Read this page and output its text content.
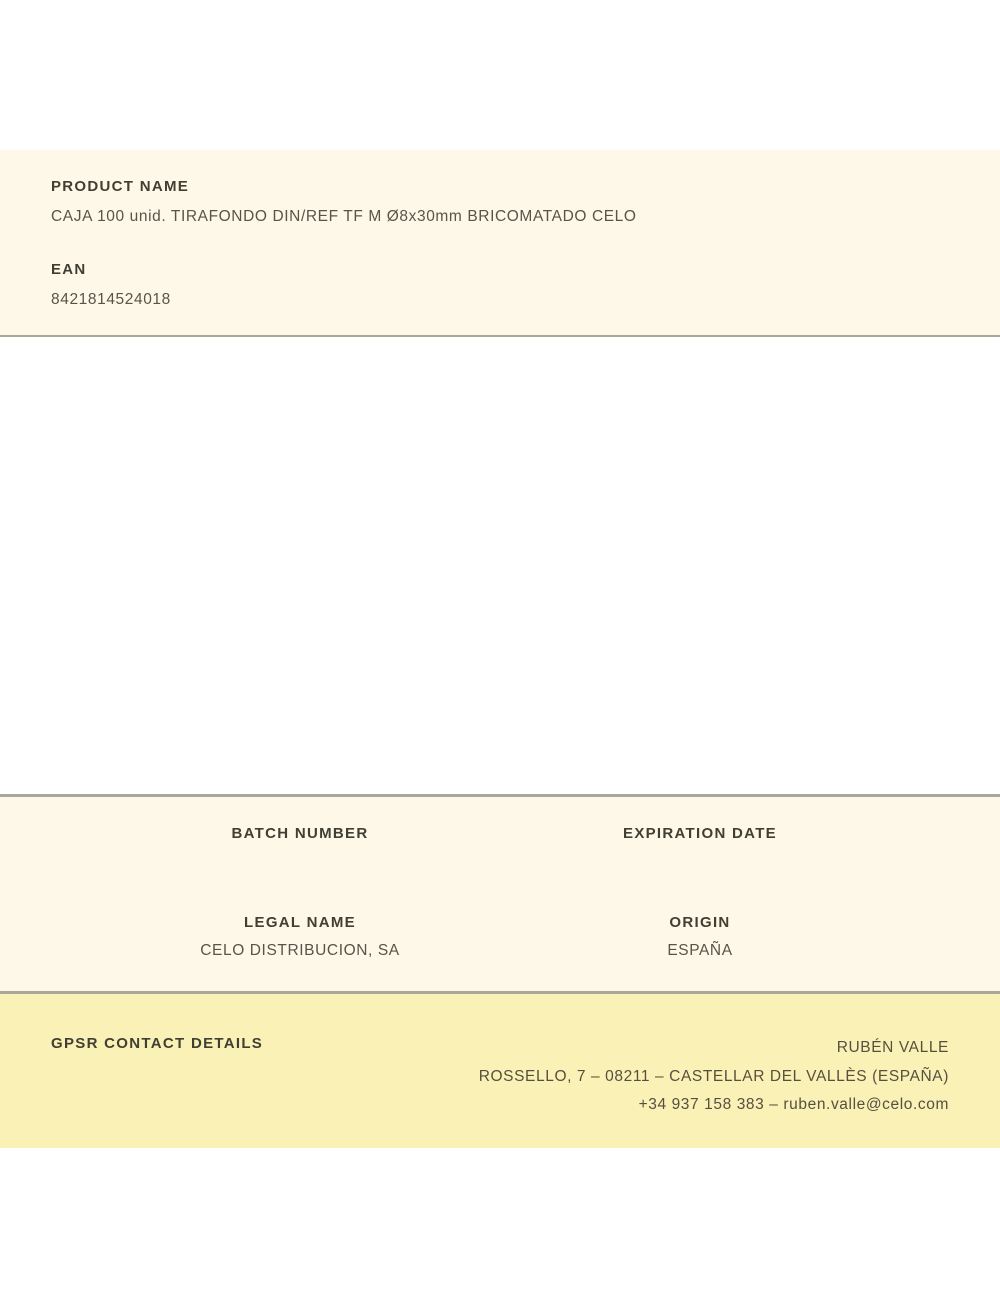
PRODUCT NAME
CAJA 100 unid. TIRAFONDO DIN/REF TF M Ø8x30mm BRICOMATADO CELO
EAN
8421814524018
BATCH NUMBER	EXPIRATION DATE
LEGAL NAME
CELO DISTRIBUCION, SA
ORIGIN
ESPAÑA
GPSR CONTACT DETAILS	RUBÉN VALLE
ROSSELLO, 7 – 08211 – CASTELLAR DEL VALLÈS (ESPAÑA)
+34 937 158 383 – ruben.valle@celo.com
